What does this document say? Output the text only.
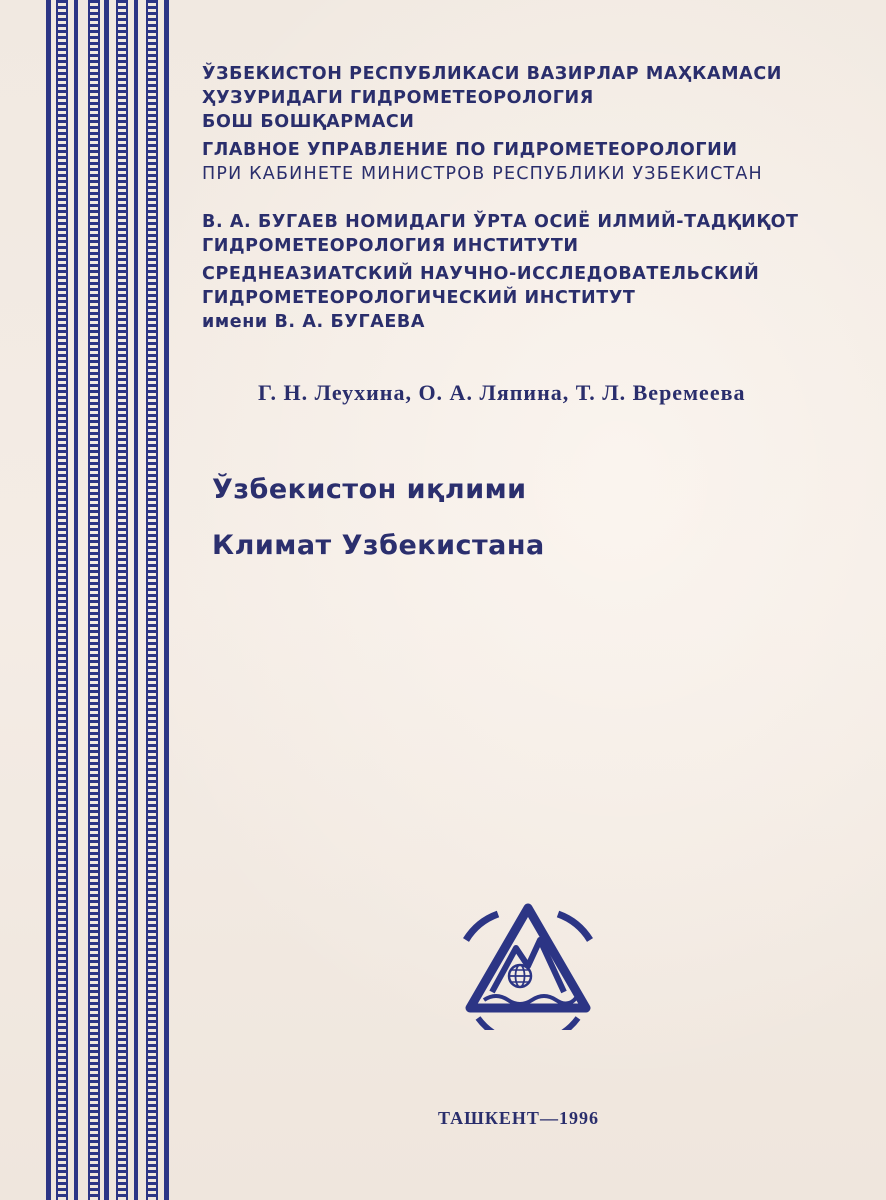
ЎЗБЕКИСТОН РЕСПУБЛИКАСИ ВАЗИРЛАР МАҲКАМАСИ
ҲУЗУРИДАГИ ГИДРОМЕТЕОРОЛОГИЯ
БОШ БОШҚАРМАСИ
ГЛАВНОЕ УПРАВЛЕНИЕ ПО ГИДРОМЕТЕОРОЛОГИИ
ПРИ КАБИНЕТЕ МИНИСТРОВ РЕСПУБЛИКИ УЗБЕКИСТАН
В. А. БУГАЕВ НОМИДАГИ ЎРТА ОСИЁ ИЛМИЙ-ТАДҚИҚОТ
ГИДРОМЕТЕОРОЛОГИЯ ИНСТИТУТИ
СРЕДНЕАЗИАТСКИЙ НАУЧНО-ИССЛЕДОВАТЕЛЬСКИЙ
ГИДРОМЕТЕОРОЛОГИЧЕСКИЙ ИНСТИТУТ
имени В. А. БУГАЕВА
Г. Н. Леухина, О. А. Ляпина, Т. Л. Веремеева
Ўзбекистон иқлими
Климат Узбекистана
ТАШКЕНТ—1996
